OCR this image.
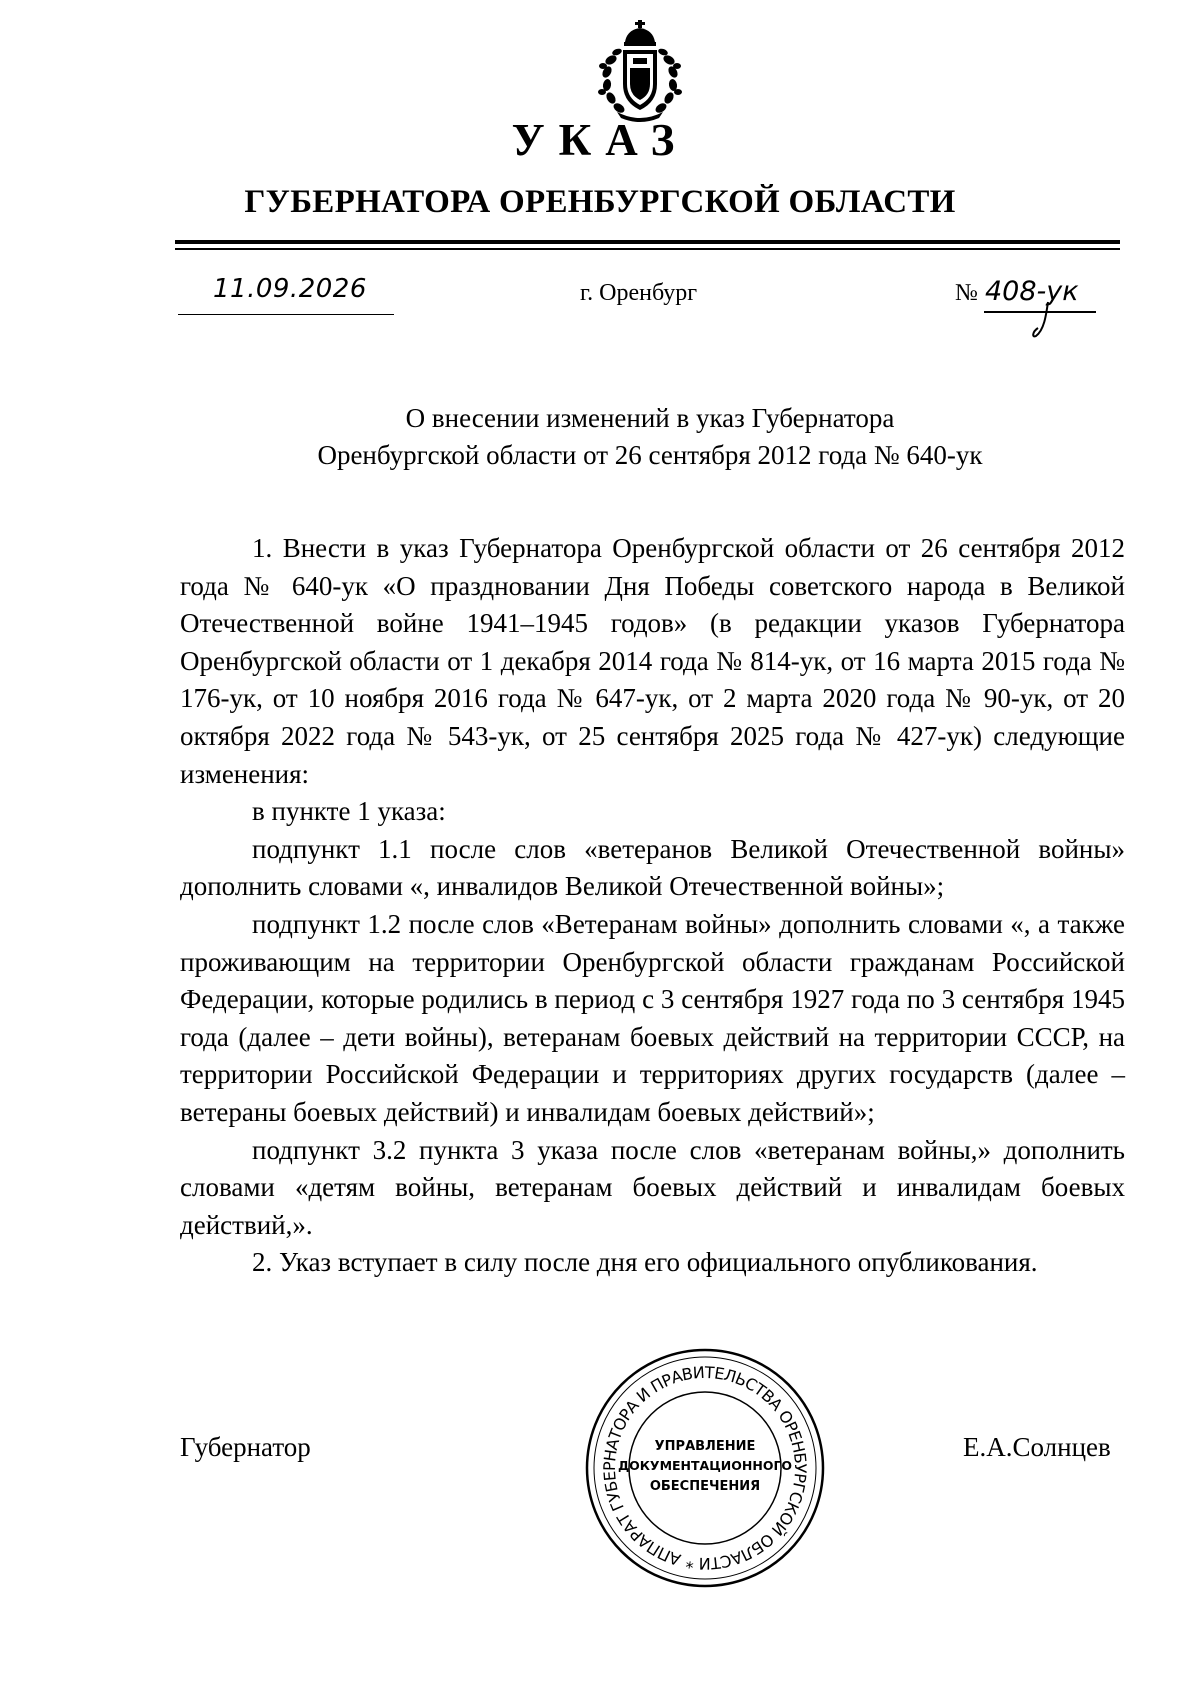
УКАЗ
ГУБЕРНАТОРА ОРЕНБУРГСКОЙ ОБЛАСТИ
11.09.2026	г. Оренбург	№ 408-ук
О внесении изменений в указ Губернатора
Оренбургской области от 26 сентября 2012 года № 640-ук

1. Внести в указ Губернатора Оренбургской области от 26 сентября 2012 года № 640-ук «О праздновании Дня Победы советского народа в Великой Отечественной войне 1941–1945 годов» (в редакции указов Губернатора Оренбургской области от 1 декабря 2014 года № 814-ук, от 16 марта 2015 года № 176-ук, от 10 ноября 2016 года № 647-ук, от 2 марта 2020 года № 90-ук, от 20 октября 2022 года № 543-ук, от 25 сентября 2025 года № 427-ук) следующие изменения:

в пункте 1 указа:

подпункт 1.1 после слов «ветеранов Великой Отечественной войны» дополнить словами «, инвалидов Великой Отечественной войны»;

подпункт 1.2 после слов «Ветеранам войны» дополнить словами «, а также проживающим на территории Оренбургской области гражданам Российской Федерации, которые родились в период с 3 сентября 1927 года по 3 сентября 1945 года (далее – дети войны), ветеранам боевых действий на территории СССР, на территории Российской Федерации и территориях других государств (далее – ветераны боевых действий) и инвалидам боевых действий»;

подпункт 3.2 пункта 3 указа после слов «ветеранам войны,» дополнить словами «детям войны, ветеранам боевых действий и инвалидам боевых действий,».

2. Указ вступает в силу после дня его официального опубликования.

Губернатор	Е.А.Солнцев
АППАРАТ ГУБЕРНАТОРА И ПРАВИТЕЛЬСТВА ОРЕНБУРГСКОЙ ОБЛАСТИ *
УПРАВЛЕНИЕ
ДОКУМЕНТАЦИОННОГО
ОБЕСПЕЧЕНИЯ
